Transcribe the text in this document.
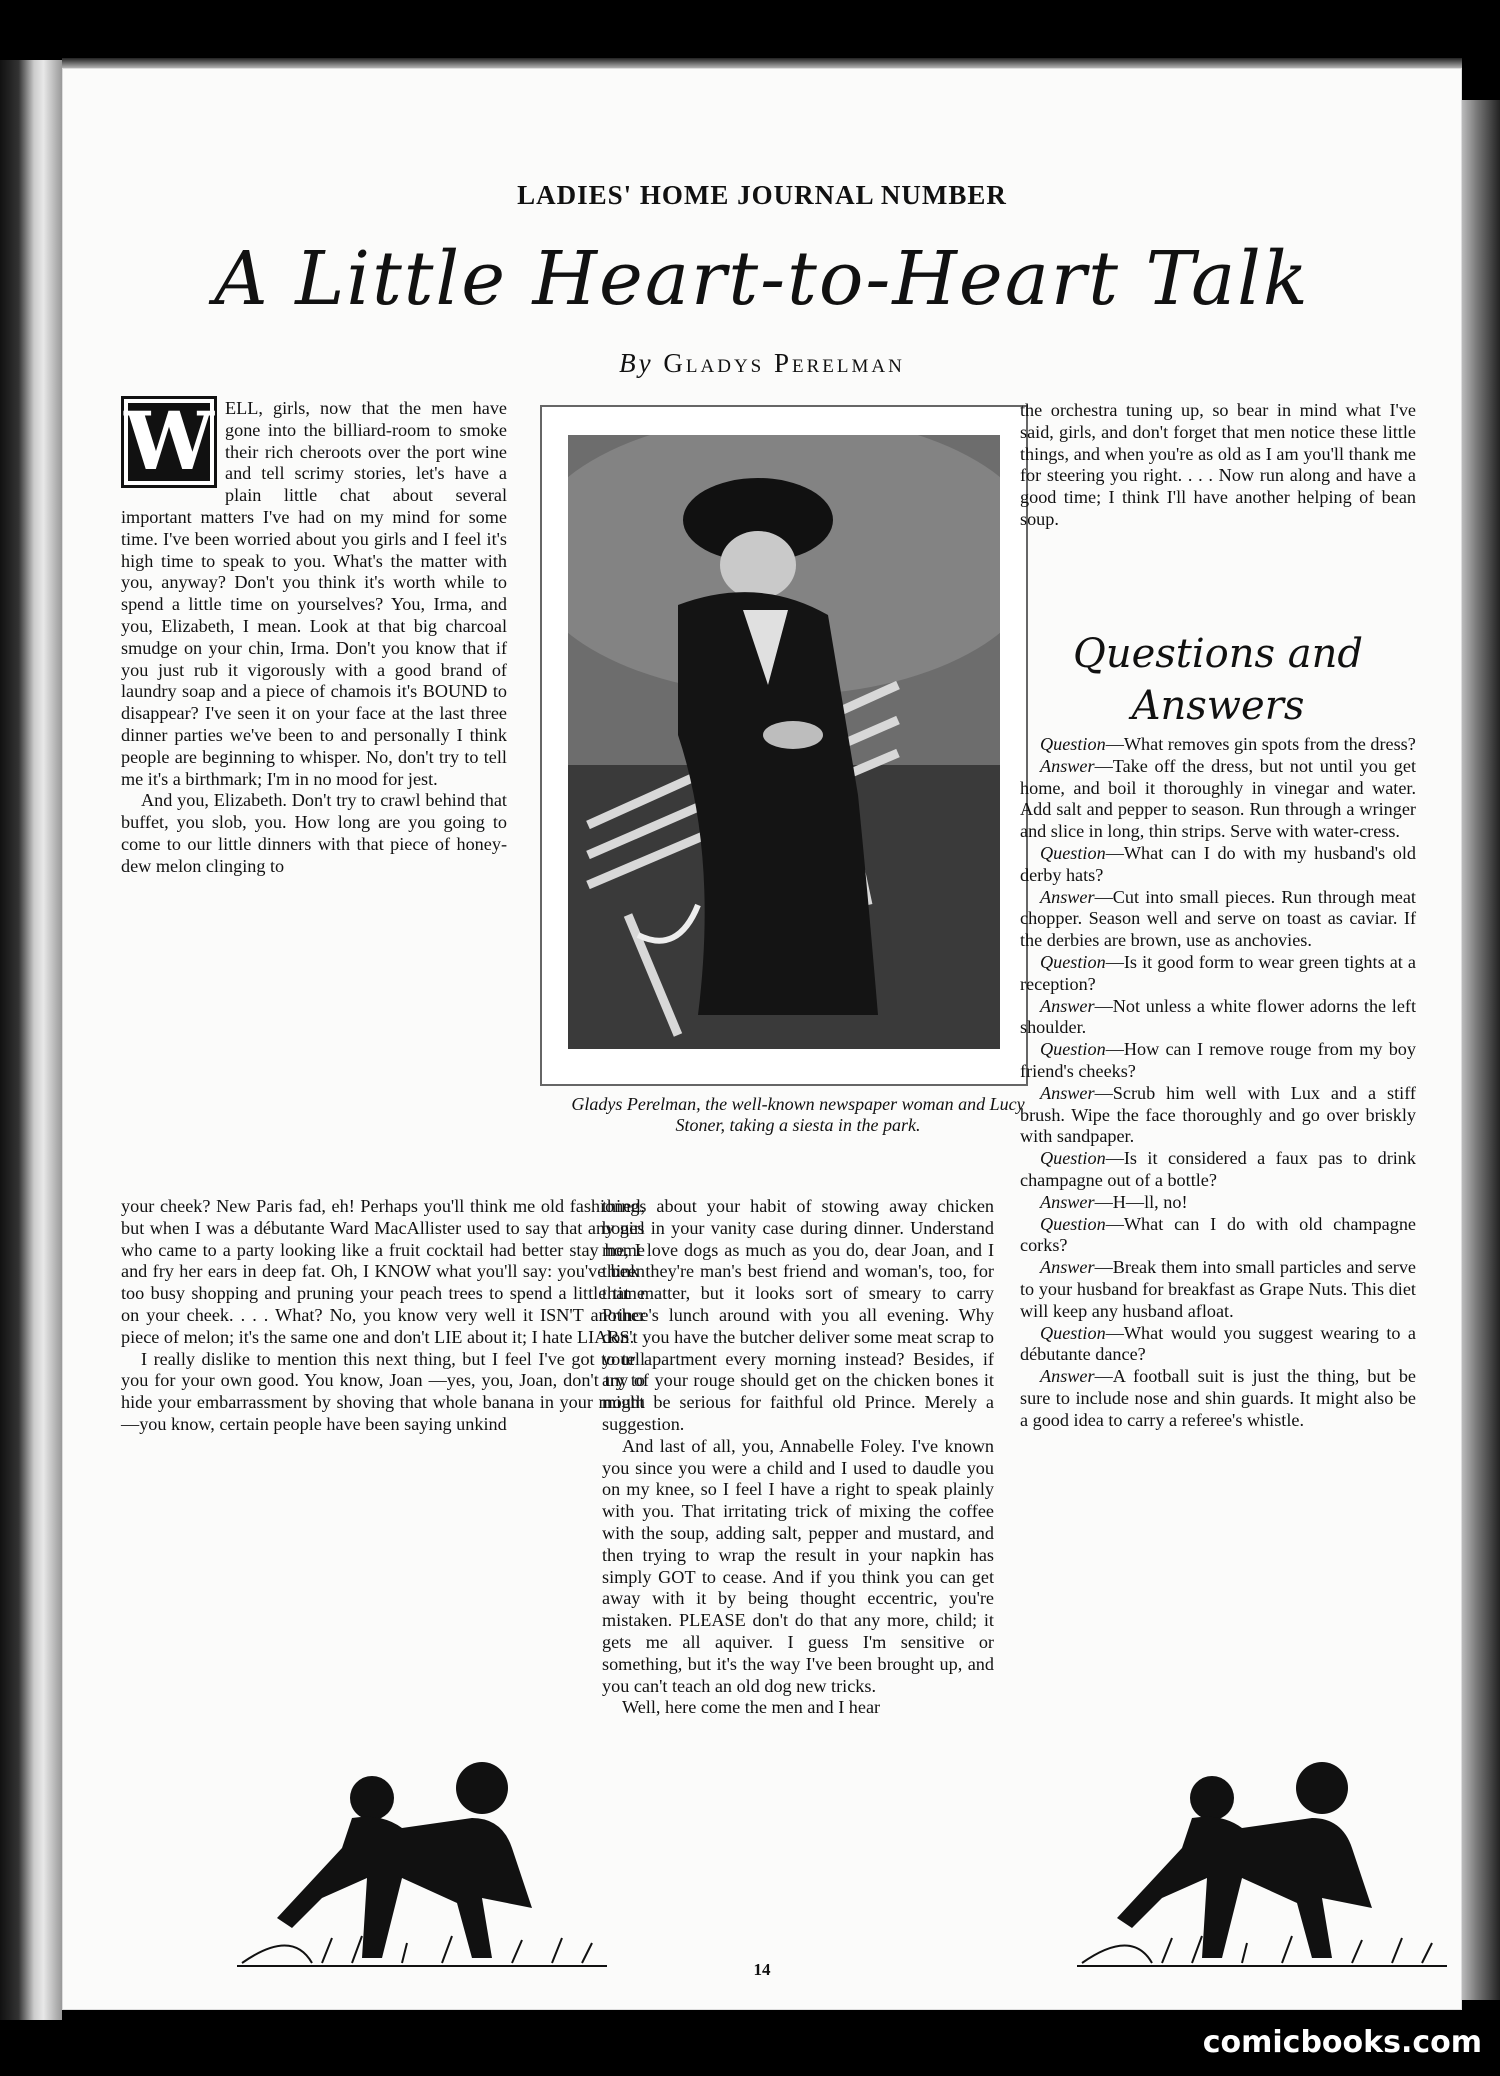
LADIES' HOME JOURNAL NUMBER
A Little Heart-to-Heart Talk
By Gladys Perelman
W ELL, girls, now that the men have gone into the billiard-room to smoke their rich cheroots over the port wine and tell scrimy stories, let's have a plain little chat about several important matters I've had on my mind for some time. I've been worried about you girls and I feel it's high time to speak to you. What's the matter with you, anyway? Don't you think it's worth while to spend a little time on yourselves? You, Irma, and you, Elizabeth, I mean. Look at that big charcoal smudge on your chin, Irma. Don't you know that if you just rub it vigorously with a good brand of laundry soap and a piece of chamois it's BOUND to disappear? I've seen it on your face at the last three dinner parties we've been to and personally I think people are beginning to whisper. No, don't try to tell me it's a birthmark; I'm in no mood for jest.

And you, Elizabeth. Don't try to crawl behind that buffet, you slob, you. How long are you going to come to our little dinners with that piece of honey-dew melon clinging to

Gladys Perelman, the well-known newspaper woman and Lucy Stoner, taking a siesta in the park.

the orchestra tuning up, so bear in mind what I've said, girls, and don't forget that men notice these little things, and when you're as old as I am you'll thank me for steering you right. . . . Now run along and have a good time; I think I'll have another helping of bean soup.

Questions and
Answers

Question—What removes gin spots from the dress?

Answer—Take off the dress, but not until you get home, and boil it thoroughly in vinegar and water. Add salt and pepper to season. Run through a wringer and slice in long, thin strips. Serve with water-cress.

Question—What can I do with my husband's old derby hats?

Answer—Cut into small pieces. Run through meat chopper. Season well and serve on toast as caviar. If the derbies are brown, use as anchovies.

Question—Is it good form to wear green tights at a reception?

Answer—Not unless a white flower adorns the left shoulder.

Question—How can I remove rouge from my boy friend's cheeks?

Answer—Scrub him well with Lux and a stiff brush. Wipe the face thoroughly and go over briskly with sandpaper.

Question—Is it considered a faux pas to drink champagne out of a bottle?

Answer—H—ll, no!

Question—What can I do with old champagne corks?

Answer—Break them into small particles and serve to your husband for breakfast as Grape Nuts. This diet will keep any husband afloat.

Question—What would you suggest wearing to a débutante dance?

Answer—A football suit is just the thing, but be sure to include nose and shin guards. It might also be a good idea to carry a referee's whistle.

your cheek? New Paris fad, eh! Perhaps you'll think me old fashioned, but when I was a débutante Ward MacAllister used to say that any girl who came to a party looking like a fruit cocktail had better stay home and fry her ears in deep fat. Oh, I KNOW what you'll say: you've been too busy shopping and pruning your peach trees to spend a little time on your cheek. . . . What? No, you know very well it ISN'T another piece of melon; it's the same one and don't LIE about it; I hate LIARS.

I really dislike to mention this next thing, but I feel I've got to tell you for your own good. You know, Joan —yes, you, Joan, don't try to hide your embarrassment by shoving that whole banana in your mouth—you know, certain people have been saying unkind

things about your habit of stowing away chicken bones in your vanity case during dinner. Understand me, I love dogs as much as you do, dear Joan, and I think they're man's best friend and woman's, too, for that matter, but it looks sort of smeary to carry Prince's lunch around with you all evening. Why don't you have the butcher deliver some meat scrap to your apartment every morning instead? Besides, if any of your rouge should get on the chicken bones it might be serious for faithful old Prince. Merely a suggestion.

And last of all, you, Annabelle Foley. I've known you since you were a child and I used to daudle you on my knee, so I feel I have a right to speak plainly with you. That irritating trick of mixing the coffee with the soup, adding salt, pepper and mustard, and then trying to wrap the result in your napkin has simply GOT to cease. And if you think you can get away with it by being thought eccentric, you're mistaken. PLEASE don't do that any more, child; it gets me all aquiver. I guess I'm sensitive or something, but it's the way I've been brought up, and you can't teach an old dog new tricks.

Well, here come the men and I hear

14
comicbooks.com
